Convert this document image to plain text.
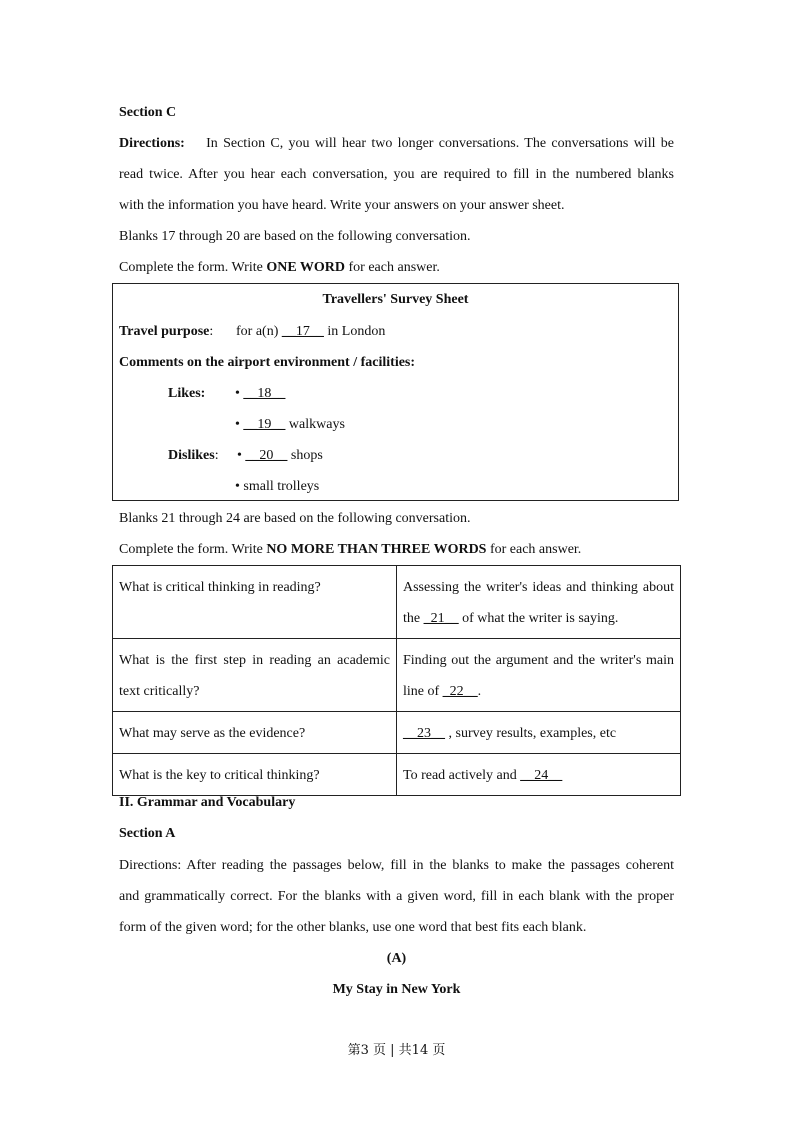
Section C
Directions: In Section C, you will hear two longer conversations. The conversations will be
read twice. After you hear each conversation, you are required to fill in the numbered blanks
with the information you have heard. Write your answers on your answer sheet.
Blanks 17 through 20 are based on the following conversation.
Complete the form. Write ONE WORD for each answer.
Travellers' Survey Sheet
Travel purpose: for a(n) __17__ in London
Comments on the airport environment / facilities:
Likes: • __18__
• __19__ walkways
Dislikes: • __20__ shops
• small trolleys
Blanks 21 through 24 are based on the following conversation.
Complete the form. Write NO MORE THAN THREE WORDS for each answer.
What is critical thinking in reading?	Assessing the writer's ideas and thinking about
the _21__ of what the writer is saying.

What is the first step in reading an academic
text critically?	Finding out the argument and the writer's main
line of _22__.
What may serve as the evidence?	__23__ , survey results, examples, etc
What is the key to critical thinking?	To read actively and __24__
II. Grammar and Vocabulary
Section A
Directions: After reading the passages below, fill in the blanks to make the passages coherent
and grammatically correct. For the blanks with a given word, fill in each blank with the proper
form of the given word; for the other blanks, use one word that best fits each blank.
(A)
My Stay in New York
第3 页 | 共14 页
